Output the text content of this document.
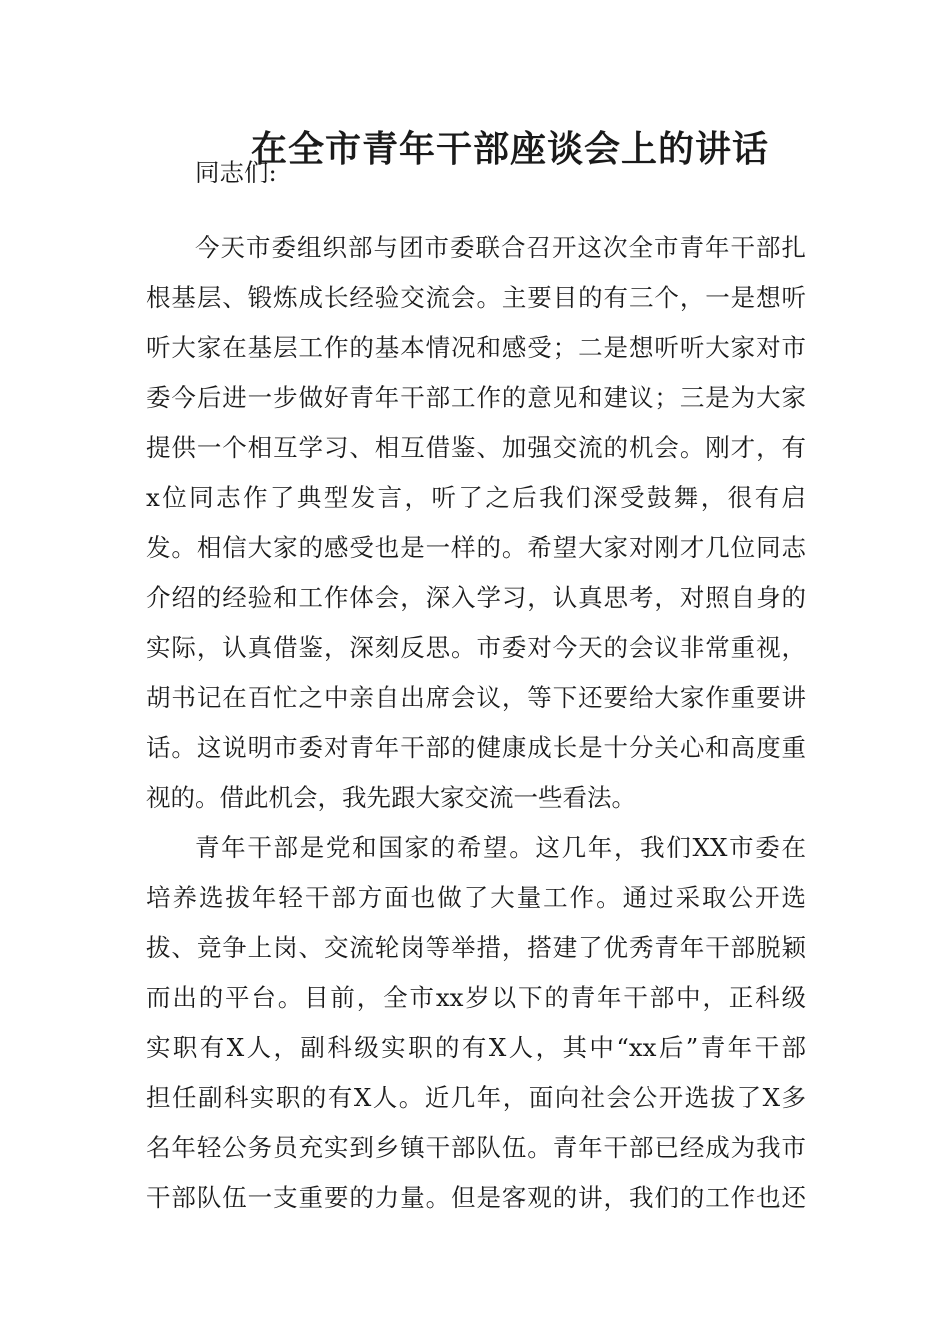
在全市青年干部座谈会上的讲话

同志们:

今天市委组织部与团市委联合召开这次全市青年干部扎

根基层、锻炼成长经验交流会。主要目的有三个，一是想听

听大家在基层工作的基本情况和感受；二是想听听大家对市

委今后进一步做好青年干部工作的意见和建议；三是为大家

提供一个相互学习、相互借鉴、加强交流的机会。刚才，有

x位同志作了典型发言，听了之后我们深受鼓舞，很有启

发。相信大家的感受也是一样的。希望大家对刚才几位同志

介绍的经验和工作体会，深入学习，认真思考，对照自身的

实际，认真借鉴，深刻反思。市委对今天的会议非常重视，

胡书记在百忙之中亲自出席会议，等下还要给大家作重要讲

话。这说明市委对青年干部的健康成长是十分关心和高度重

视的。借此机会，我先跟大家交流一些看法。

青年干部是党和国家的希望。这几年，我们XX市委在

培养选拔年轻干部方面也做了大量工作。通过采取公开选

拔、竞争上岗、交流轮岗等举措，搭建了优秀青年干部脱颖

而出的平台。目前，全市xx岁以下的青年干部中，正科级

实职有X人，副科级实职的有X人，其中“xx后”青年干部

担任副科实职的有X人。近几年，面向社会公开选拔了X多

名年轻公务员充实到乡镇干部队伍。青年干部已经成为我市

干部队伍一支重要的力量。但是客观的讲，我们的工作也还
